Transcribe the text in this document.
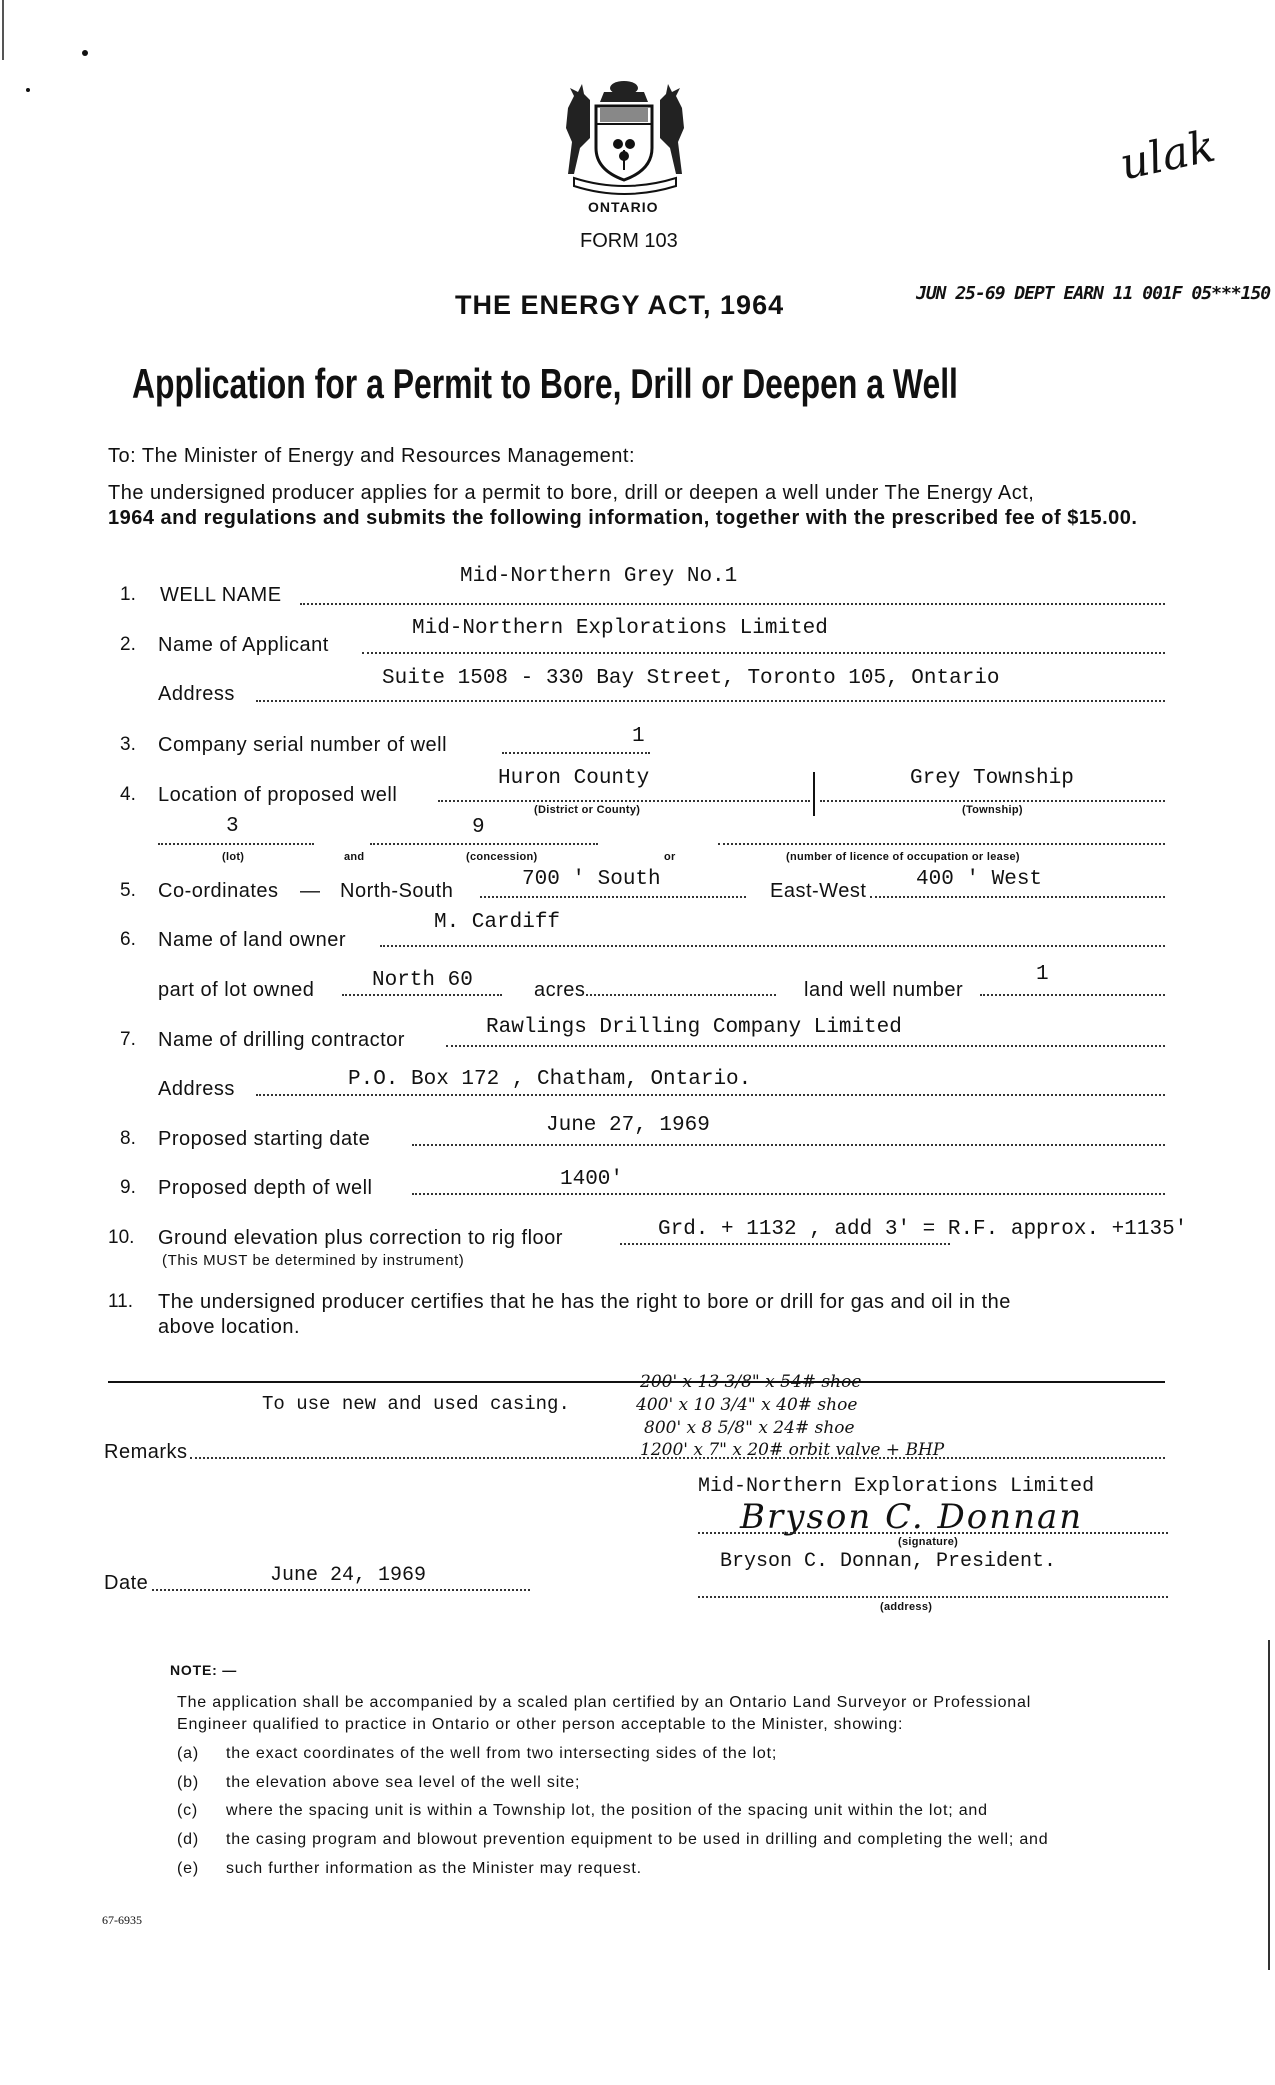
ONTARIO
FORM 103
ulak
THE ENERGY ACT, 1964	JUN 25-69 DEPT EARN 11 001F 05***150
Application for a Permit to Bore, Drill or Deepen a Well
To: The Minister of Energy and Resources Management:
The undersigned producer applies for a permit to bore, drill or deepen a well under The Energy Act,
1964 and regulations and submits the following information, together with the prescribed fee of $15.00.
1. WELL NAME
Mid-Northern Grey No.1
2. Name of Applicant
Mid-Northern Explorations Limited
Address
Suite 1508 - 330 Bay Street, Toronto 105, Ontario
3. Company serial number of well	1
4. Location of proposed well
Huron County	Grey Township
(District or County)	(Township)
3	9
(lot)	and	(concession)	or	(number of licence of occupation or lease)
5. Co-ordinates — North-South	700 ' South	East-West 400 ' West
6. Name of land owner
M. Cardiff
part of lot owned	North 60	acres	land well number
1
7. Name of drilling contractor
Rawlings Drilling Company Limited
Address	P.O. Box 172 , Chatham, Ontario.
8. Proposed starting date
June 27, 1969
9. Proposed depth of well	1400'
10. Ground elevation plus correction to rig floor	Grd. + 1132 , add 3' = R.F. approx. +1135'
(This MUST be determined by instrument)
11. The undersigned producer certifies that he has the right to bore or drill for gas and oil in the
above location.
To use new and used casing.
200' x 13 3/8" x 54# shoe
400' x 10 3/4" x 40# shoe
800' x 8 5/8" x 24# shoe
1200' x 7" x 20# orbit valve + BHP
Remarks
Mid-Northern Explorations Limited
Bryson C. Donnan
(signature)
Bryson C. Donnan, President.
(address)
Date	June 24, 1969
NOTE: —
The application shall be accompanied by a scaled plan certified by an Ontario Land Surveyor or Professional
Engineer qualified to practice in Ontario or other person acceptable to the Minister, showing:
(a) the exact coordinates of the well from two intersecting sides of the lot;
(b) the elevation above sea level of the well site;
(c) where the spacing unit is within a Township lot, the position of the spacing unit within the lot; and
(d) the casing program and blowout prevention equipment to be used in drilling and completing the well; and
(e) such further information as the Minister may request.
67-6935
